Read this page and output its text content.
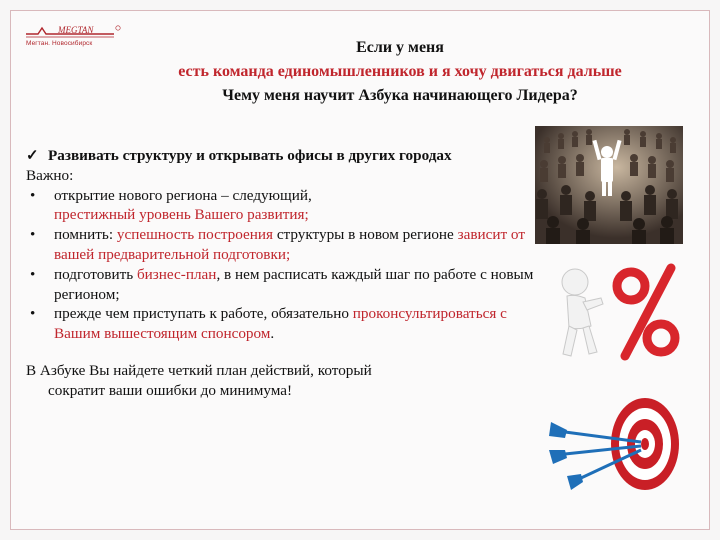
MEGTAN
Мегтан. Новосибирск	Если у меня
есть команда единомышленников и я хочу двигаться дальше
Чему меня научит Азбука начинающего Лидера?
✓ Развивать структуру и открывать офисы в других городах
Важно:
•	открытие нового региона – следующий,
престижный уровень Вашего развития;
•	помнить: успешность построения структуры в новом регионе зависит от вашей предварительной подготовки;
•	подготовить бизнес-план, в нем расписать каждый шаг по работе с новым регионом;
•	прежде чем приступать к работе, обязательно проконсультироваться с Вашим вышестоящим спонсором.
В Азбуке Вы найдете четкий план действий, который
сократит ваши ошибки до минимума!
